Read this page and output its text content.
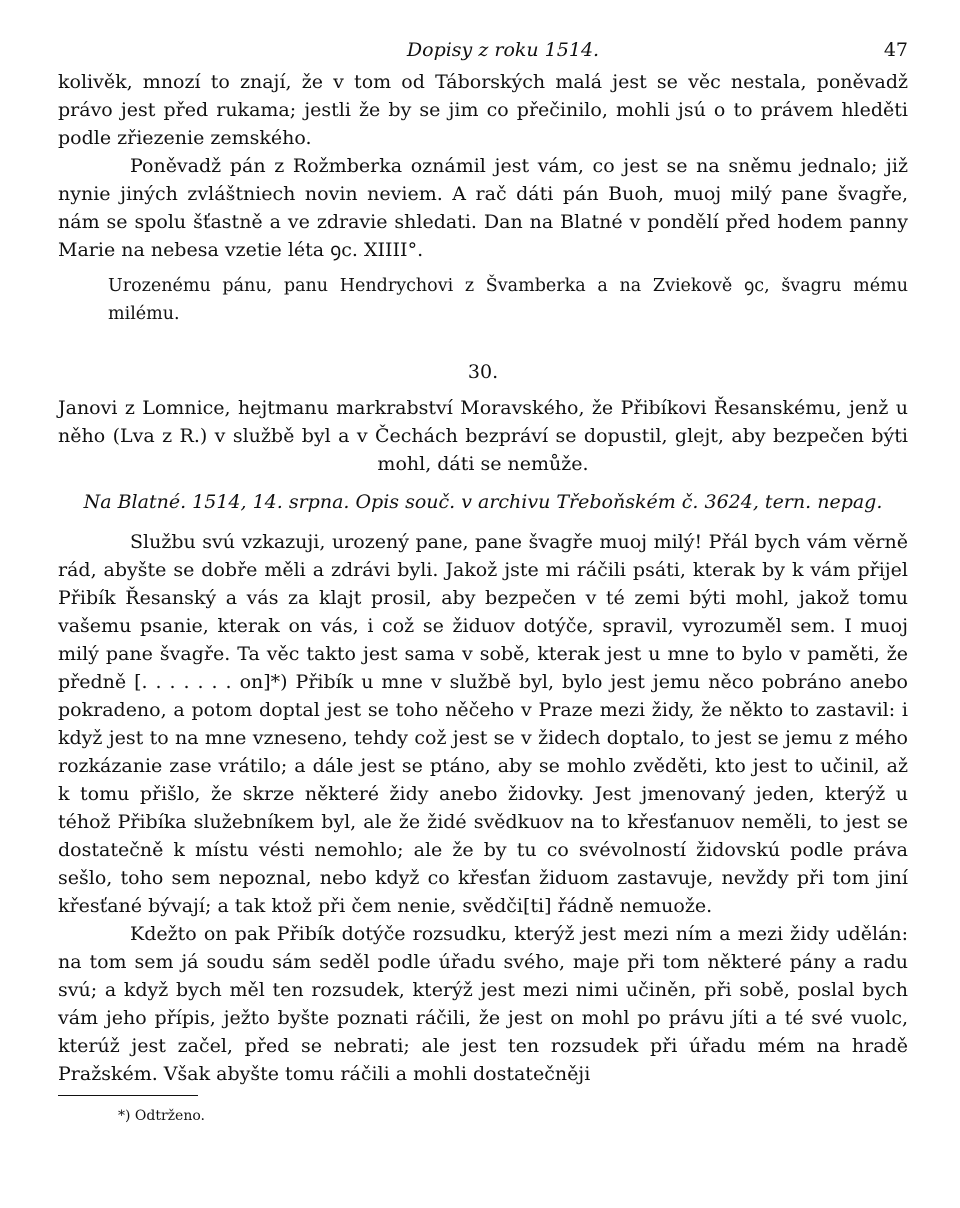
Dopisy z roku 1514.	47

kolivěk, mnozí to znají, že v tom od Táborských malá jest se věc nestala, poněvadž právo jest před rukama; jestli že by se jim co přečinilo, mohli jsú o to právem hleděti podle zřiezenie zemského.

Poněvadž pán z Rožmberka oznámil jest vám, co jest se na sněmu jednalo; již nynie jiných zvláštniech novin neviem. A rač dáti pán Buoh, muoj milý pane švagře, nám se spolu šťastně a ve zdravie shledati. Dan na Blatné v pondělí před hodem panny Marie na nebesa vzetie léta ꝯc. XIIII°.

Urozenému pánu, panu Hendrychovi z Švamberka a na Zviekově ꝯc, švagru mému milému.

30.

Janovi z Lomnice, hejtmanu markrabství Moravského, že Přibíkovi Řesanskému, jenž u něho (Lva z R.) v službě byl a v Čechách bezpráví se dopustil, glejt, aby bezpečen býti mohl, dáti se nemůže.

Na Blatné. 1514, 14. srpna. Opis souč. v archivu Třeboňském č. 3624, tern. nepag.

Službu svú vzkazuji, urozený pane, pane švagře muoj milý! Přál bych vám věrně rád, abyšte se dobře měli a zdrávi byli. Jakož jste mi ráčili psáti, kterak by k vám přijel Přibík Řesanský a vás za klajt prosil, aby bezpečen v té zemi býti mohl, jakož tomu vašemu psanie, kterak on vás, i což se židuov dotýče, spravil, vyrozuměl sem. I muoj milý pane švagře. Ta věc takto jest sama v sobě, kterak jest u mne to bylo v paměti, že předně [. . . . . . . on]*) Přibík u mne v službě byl, bylo jest jemu něco pobráno anebo pokradeno, a potom doptal jest se toho něčeho v Praze mezi židy, že někto to zastavil: i když jest to na mne vzneseno, tehdy což jest se v židech doptalo, to jest se jemu z mého rozkázanie zase vrátilo; a dále jest se ptáno, aby se mohlo zvěděti, kto jest to učinil, až k tomu přišlo, že skrze některé židy anebo židovky. Jest jmenovaný jeden, kterýž u téhož Přibíka služebníkem byl, ale že židé svědkuov na to křesťanuov neměli, to jest se dostatečně k místu vésti nemohlo; ale že by tu co svévolností židovskú podle práva sešlo, toho sem nepoznal, nebo když co křesťan židuom zastavuje, nevždy při tom jiní křesťané bývají; a tak ktož při čem nenie, svědči[ti] řádně nemuože.

Kdežto on pak Přibík dotýče rozsudku, kterýž jest mezi ním a mezi židy udělán: na tom sem já soudu sám seděl podle úřadu svého, maje při tom některé pány a radu svú; a když bych měl ten rozsudek, kterýž jest mezi nimi učiněn, při sobě, poslal bych vám jeho přípis, ježto byšte poznati ráčili, že jest on mohl po právu jíti a té své vuolc, kterúž jest začel, před se nebrati; ale jest ten rozsudek při úřadu mém na hradě Pražském. Však abyšte tomu ráčili a mohli dostatečněji

*) Odtrženo.
